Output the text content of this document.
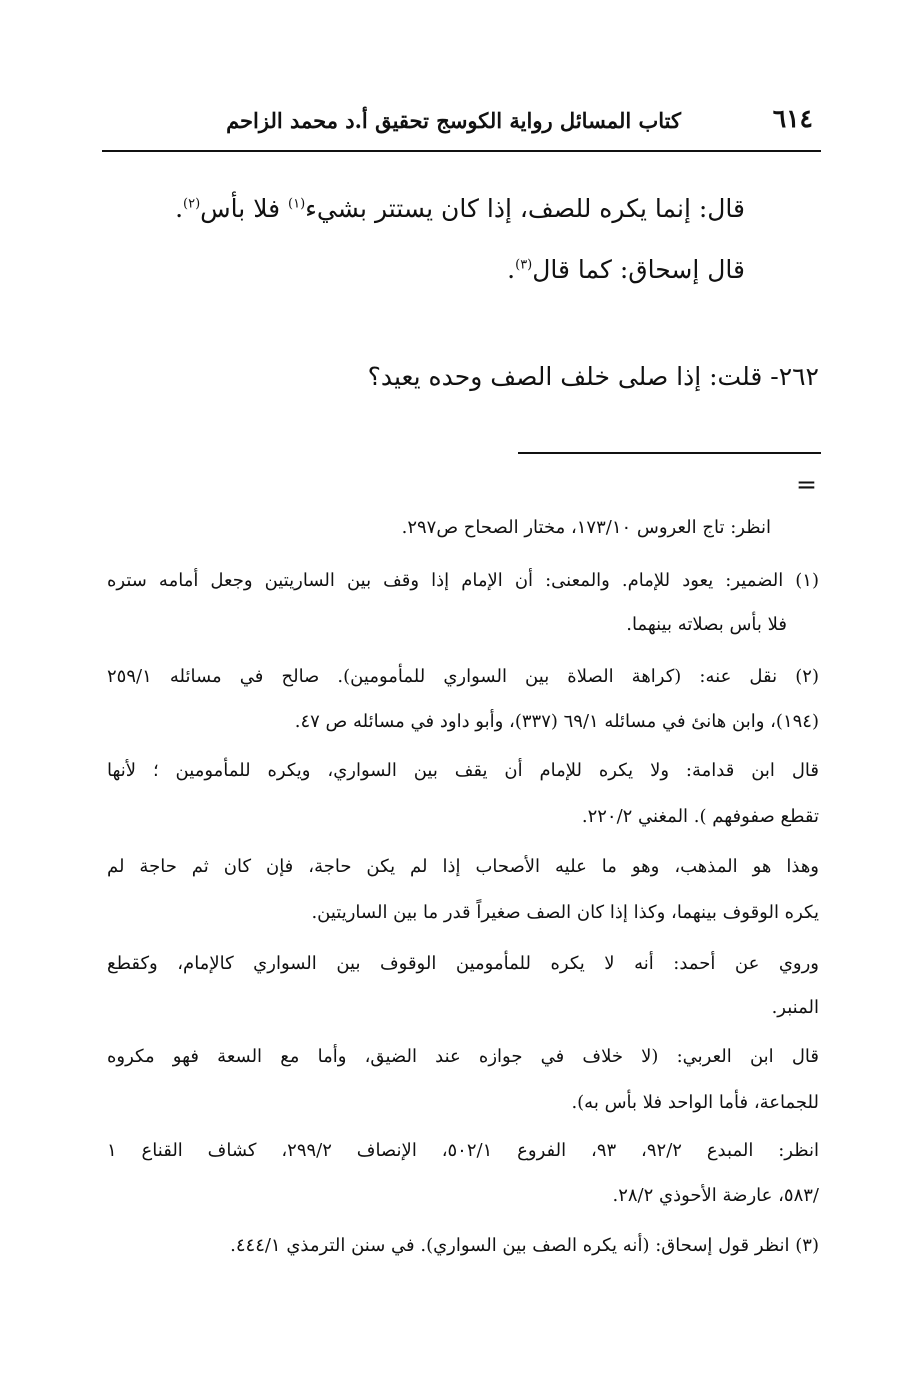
٦١٤
كتاب المسائل رواية الكوسج تحقيق أ.د محمد الزاحم
قال: إنما يكره للصف، إذا كان يستتر بشيء$^{(١)}$ فلا بأس$^{(٢)}$.
قال إسحاق: كما قال$^{(٣)}$.
٢٦٢- قلت: إذا صلى خلف الصف وحده يعيد؟
=
انظر: تاج العروس ١٧٣/١٠، مختار الصحاح ص٢٩٧.
(١) الضمير: يعود للإمام. والمعنى: أن الإمام إذا وقف بين الساريتين وجعل أمامه ستره
فلا بأس بصلاته بينهما.
(٢) نقل عنه: (كراهة الصلاة بين السواري للمأمومين). صالح في مسائله ٢٥٩/١
(١٩٤)، وابن هانئ في مسائله ٦٩/١ (٣٣٧)، وأبو داود في مسائله ص ٤٧.
قال ابن قدامة: ولا يكره للإمام أن يقف بين السواري، ويكره للمأمومين ؛ لأنها
تقطع صفوفهم ). المغني ٢٢٠/٢.
وهذا هو المذهب، وهو ما عليه الأصحاب إذا لم يكن حاجة، فإن كان ثم حاجة لم
يكره الوقوف بينهما، وكذا إذا كان الصف صغيراً قدر ما بين الساريتين.
وروي عن أحمد: أنه لا يكره للمأمومين الوقوف بين السواري كالإمام، وكقطع
المنبر.
قال ابن العربي: (لا خلاف في جوازه عند الضيق، وأما مع السعة فهو مكروه
للجماعة، فأما الواحد فلا بأس به).
انظر: المبدع ٩٢/٢، ٩٣، الفروع ٥٠٢/١، الإنصاف ٢٩٩/٢، كشاف القناع ١
/٥٨٣، عارضة الأحوذي ٢٨/٢.
(٣) انظر قول إسحاق: (أنه يكره الصف بين السواري). في سنن الترمذي ٤٤٤/١.
